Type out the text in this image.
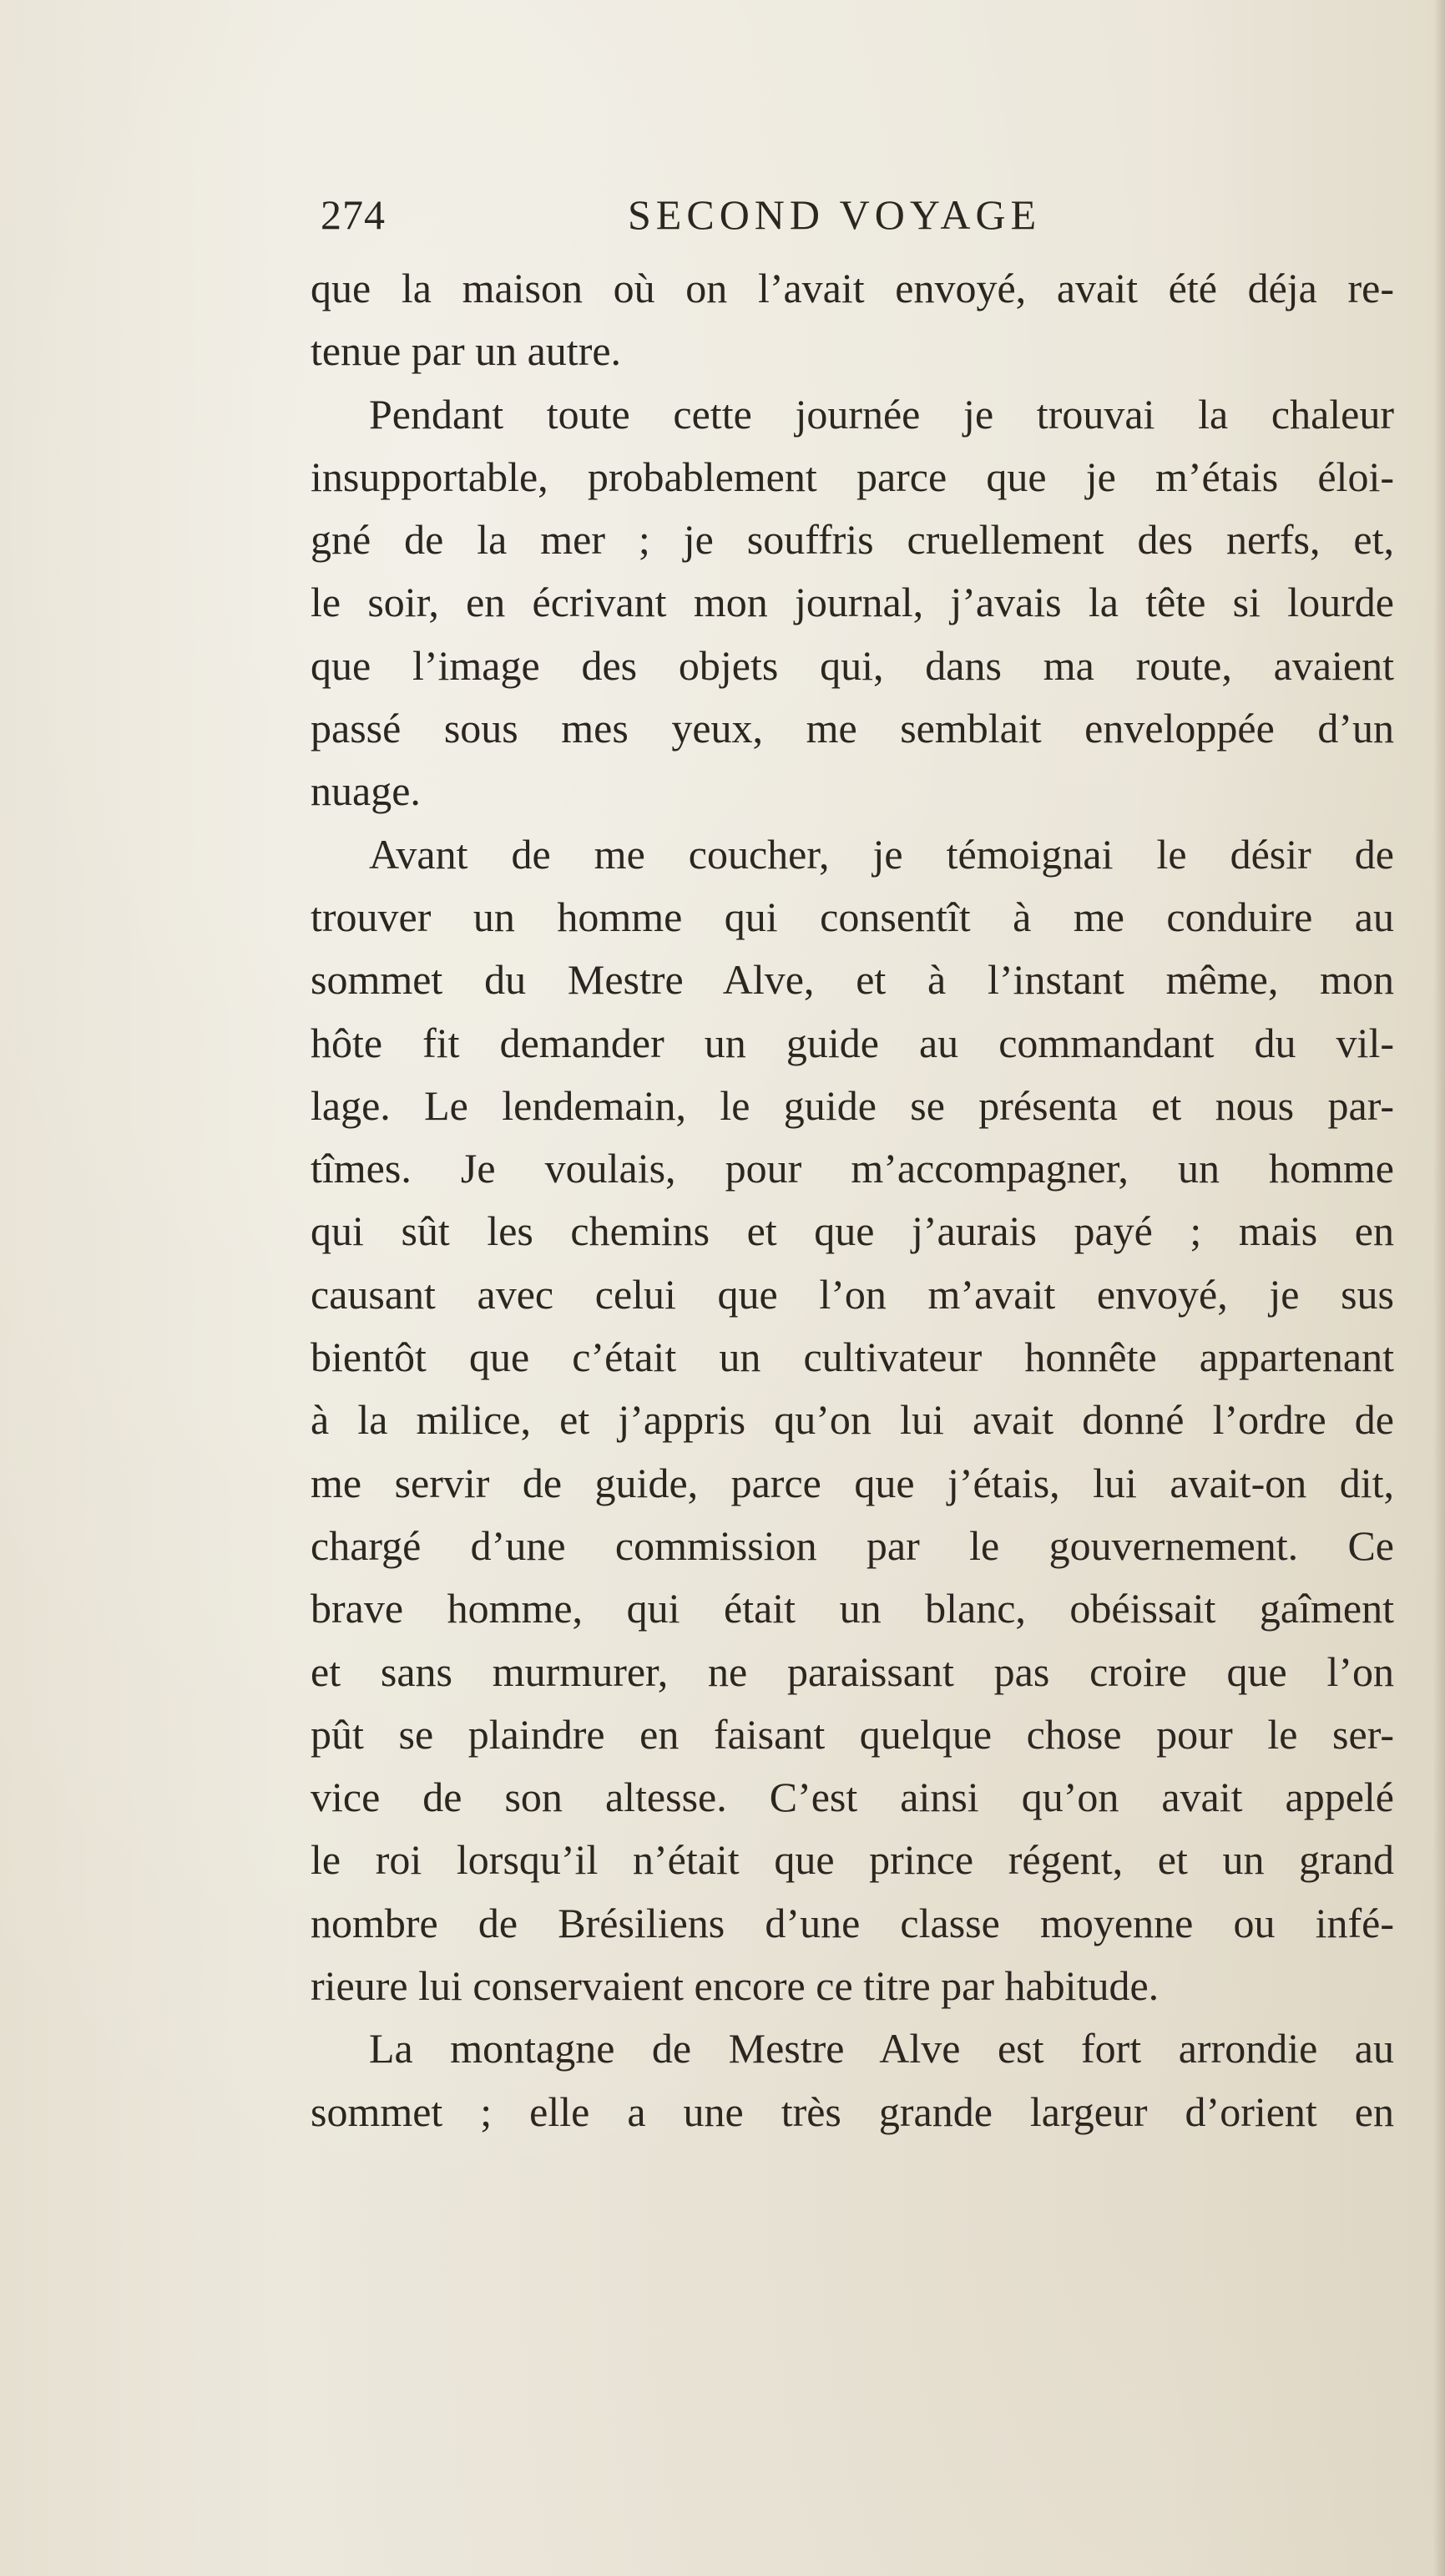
274	SECOND VOYAGE
que la maison où on l’avait envoyé, avait été déja re-
tenue par un autre.
Pendant toute cette journée je trouvai la chaleur
insupportable, probablement parce que je m’étais éloi-
gné de la mer ; je souffris cruellement des nerfs, et,
le soir, en écrivant mon journal, j’avais la tête si lourde
que l’image des objets qui, dans ma route, avaient
passé sous mes yeux, me semblait enveloppée d’un
nuage.
Avant de me coucher, je témoignai le désir de
trouver un homme qui consentît à me conduire au
sommet du Mestre Alve, et à l’instant même, mon
hôte fit demander un guide au commandant du vil-
lage. Le lendemain, le guide se présenta et nous par-
tîmes. Je voulais, pour m’accompagner, un homme
qui sût les chemins et que j’aurais payé ; mais en
causant avec celui que l’on m’avait envoyé, je sus
bientôt que c’était un cultivateur honnête appartenant
à la milice, et j’appris qu’on lui avait donné l’ordre de
me servir de guide, parce que j’étais, lui avait-on dit,
chargé d’une commission par le gouvernement. Ce
brave homme, qui était un blanc, obéissait gaîment
et sans murmurer, ne paraissant pas croire que l’on
pût se plaindre en faisant quelque chose pour le ser-
vice de son altesse. C’est ainsi qu’on avait appelé
le roi lorsqu’il n’était que prince régent, et un grand
nombre de Brésiliens d’une classe moyenne ou infé-
rieure lui conservaient encore ce titre par habitude.
La montagne de Mestre Alve est fort arrondie au
sommet ; elle a une très grande largeur d’orient en
